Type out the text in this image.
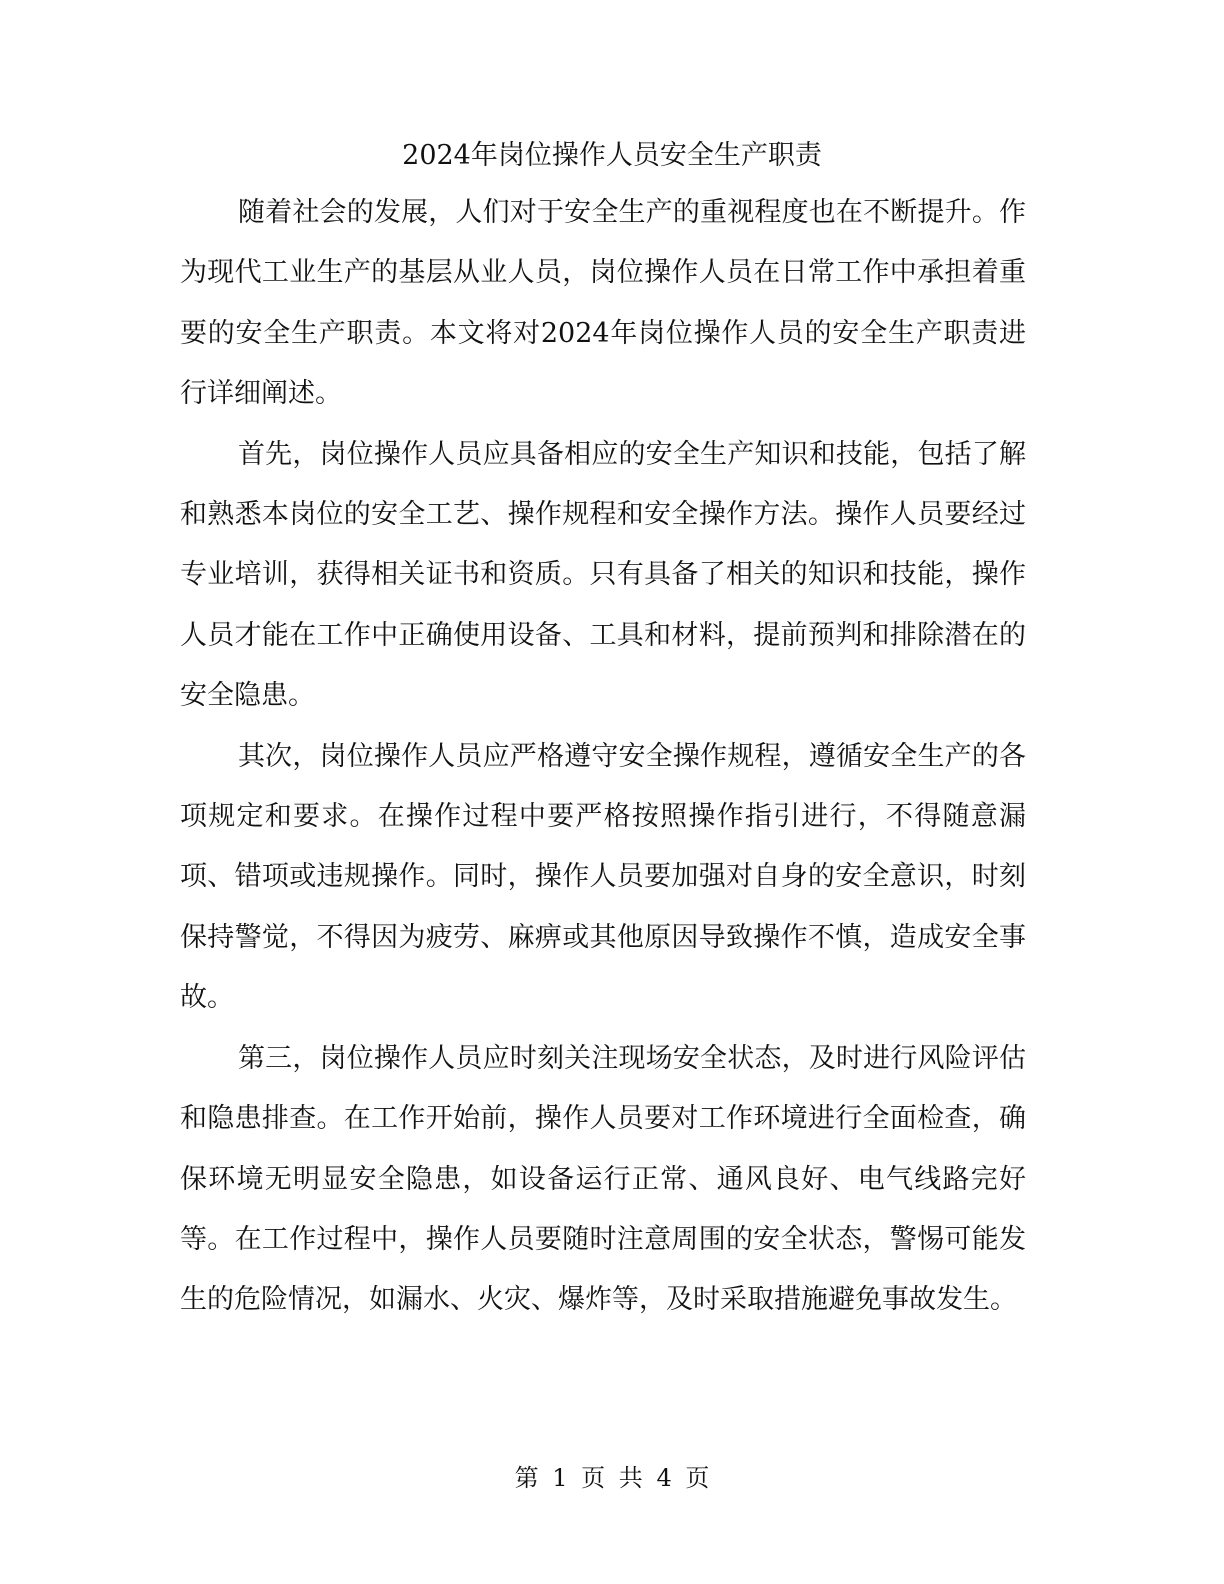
2024年岗位操作人员安全生产职责

随着社会的发展，人们对于安全生产的重视程度也在不断提升。作为现代工业生产的基层从业人员，岗位操作人员在日常工作中承担着重要的安全生产职责。本文将对2024年岗位操作人员的安全生产职责进行详细阐述。

首先，岗位操作人员应具备相应的安全生产知识和技能，包括了解和熟悉本岗位的安全工艺、操作规程和安全操作方法。操作人员要经过专业培训，获得相关证书和资质。只有具备了相关的知识和技能，操作人员才能在工作中正确使用设备、工具和材料，提前预判和排除潜在的安全隐患。

其次，岗位操作人员应严格遵守安全操作规程，遵循安全生产的各项规定和要求。在操作过程中要严格按照操作指引进行，不得随意漏项、错项或违规操作。同时，操作人员要加强对自身的安全意识，时刻保持警觉，不得因为疲劳、麻痹或其他原因导致操作不慎，造成安全事故。

第三，岗位操作人员应时刻关注现场安全状态，及时进行风险评估和隐患排查。在工作开始前，操作人员要对工作环境进行全面检查，确保环境无明显安全隐患，如设备运行正常、通风良好、电气线路完好等。在工作过程中，操作人员要随时注意周围的安全状态，警惕可能发生的危险情况，如漏水、火灾、爆炸等，及时采取措施避免事故发生。

第 1 页 共 4 页
